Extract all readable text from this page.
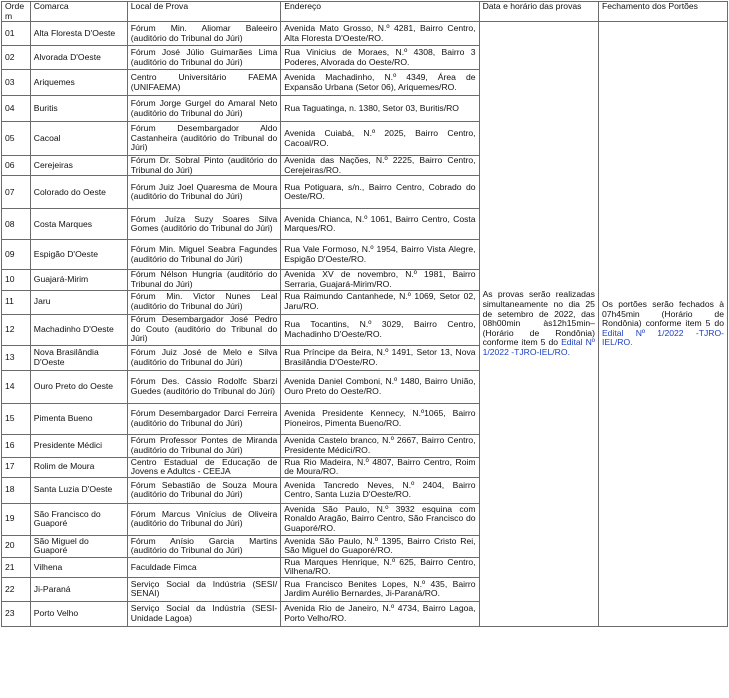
Ordem	Comarca	Local de Prova	Endereço	Data e horário das provas	Fechamento dos Portões
01	Alta Floresta D'Oeste	Fórum Min. Aliomar Baleeiro (auditório do Tribunal do Júri)	Avenida Mato Grosso, N.º 4281, Bairro Centro, Alta Floresta D'Oeste/RO.	As provas serão realizadas simultaneamente no dia 25 de setembro de 2022, das 08h00min às12h15min– (Horário de Rondônia) conforme item 5 do Edital Nº 1/2022 -TJRO-IEL/RO.	Os portões serão fechados à 07h45min (Horário de Rondônia) conforme item 5 do Edital Nº 1/2022 -TJRO-IEL/RO.
02	Alvorada D'Oeste	Fórum José Júlio Guimarães Lima (auditório do Tribunal do Júri)	Rua Vinicius de Moraes, N.º 4308, Bairro 3 Poderes, Alvorada do Oeste/RO.		
03	Ariquemes	Centro Universitário FAEMA (UNIFAEMA)	Avenida Machadinho, N.º 4349, Área de Expansão Urbana (Setor 06), Ariquemes/RO.		
04	Buritis	Fórum Jorge Gurgel do Amaral Neto (auditório do Tribunal do Júri)	Rua Taguatinga, n. 1380, Setor 03, Buritis/RO		
05	Cacoal	Fórum Desembargador Aldo Castanheira (auditório do Tribunal do Júri)	Avenida Cuiabá, N.º 2025, Bairro Centro, Cacoal/RO.		
06	Cerejeiras	Fórum Dr. Sobral Pinto (auditório do Tribunal do Júri)	Avenida das Nações, N.º 2225, Bairro Centro, Cerejeiras/RO.		
07	Colorado do Oeste	Fórum Juiz Joel Quaresma de Moura (auditório do Tribunal do Júri)	Rua Potiguara, s/n., Bairro Centro, Cobrado do Oeste/RO.		
08	Costa Marques	Fórum Juíza Suzy Soares Silva Gomes (auditório do Tribunal do Júri)	Avenida Chianca, N.º 1061, Bairro Centro, Costa Marques/RO.		
09	Espigão D'Oeste	Fórum Min. Miguel Seabra Fagundes (auditório do Tribunal do Júri)	Rua Vale Formoso, N.º 1954, Bairro Vista Alegre, Espigão D'Oeste/RO.		
10	Guajará-Mirim	Fórum Nélson Hungria (auditório do Tribunal do Júri)	Avenida XV de novembro, N.º 1981, Bairro Serraria, Guajará-Mirim/RO.		
11	Jaru	Fórum Min. Victor Nunes Leal (auditório do Tribunal do Júri)	Rua Raimundo Cantanhede, N.º 1069, Setor 02, Jaru/RO.		
12	Machadinho D'Oeste	Fórum Desembargador José Pedro do Couto (auditório do Tribunal do Júri)	Rua Tocantins, N.º 3029, Bairro Centro, Machadinho D'Oeste/RO.		
13	Nova Brasilândia D'Oeste	Fórum Juiz José de Melo e Silva (auditório do Tribunal do Júri)	Rua Príncipe da Beira, N.º 1491, Setor 13, Nova Brasilândia D'Oeste/RO.		
14	Ouro Preto do Oeste	Fórum Des. Cássio Rodolfc Sbarzi Guedes (auditório do Tribunal do Júri)	Avenida Daniel Comboni, N.º 1480, Bairro União, Ouro Preto do Oeste/RO.		
15	Pimenta Bueno	Fórum Desembargador Darci Ferreira (auditório do Tribunal do Júri)	Avenida Presidente Kennecy, N.º1065, Bairro Pioneiros, Pimenta Bueno/RO.		
16	Presidente Médici	Fórum Professor Pontes de Miranda (auditório do Tribunal do Júri)	Avenida Castelo branco, N.º 2667, Bairro Centro, Presidente Médici/RO.		
17	Rolim de Moura	Centro Estadual de Educação de Jovens e Adultcs - CEEJA	Rua Rio Madeira, N.º 4807, Bairro Centro, Roim de Moura/RO.		
18	Santa Luzia D'Oeste	Fórum Sebastião de Souza Moura (auditório do Tribunal do Júri)	Avenida Tancredo Neves, N.º 2404, Bairro Centro, Santa Luzia D'Oeste/RO.		
19	São Francisco do Guaporé	Fórum Marcus Vinícius de Oliveira (auditório do Tribunal do Júri)	Avenida São Paulo, N.º 3932 esquina com Ronaldo Aragão, Bairro Centro, São Francisco do Guaporé/RO.		
20	São Miguel do Guaporé	Fórum Anísio Garcia Martins (auditório do Tribunal do Júri)	Avenida São Paulo, N.º 1395, Bairro Cristo Rei, São Miguel do Guaporé/RO.		
21	Vilhena	Faculdade Fimca	Rua Marques Henrique, N.º 625, Bairro Centro, Vilhena/RO.		
22	Ji-Paraná	Serviço Social da Indústria (SESI/ SENAI)	Rua Francisco Benites Lopes, N.º 435, Bairro Jardim Aurélio Bernardes, Ji-Paraná/RO.		
23	Porto Velho	Serviço Social da Indústria (SESI- Unidade Lagoa)	Avenida Rio de Janeiro, N.º 4734, Bairro Lagoa, Porto Velho/RO.		
